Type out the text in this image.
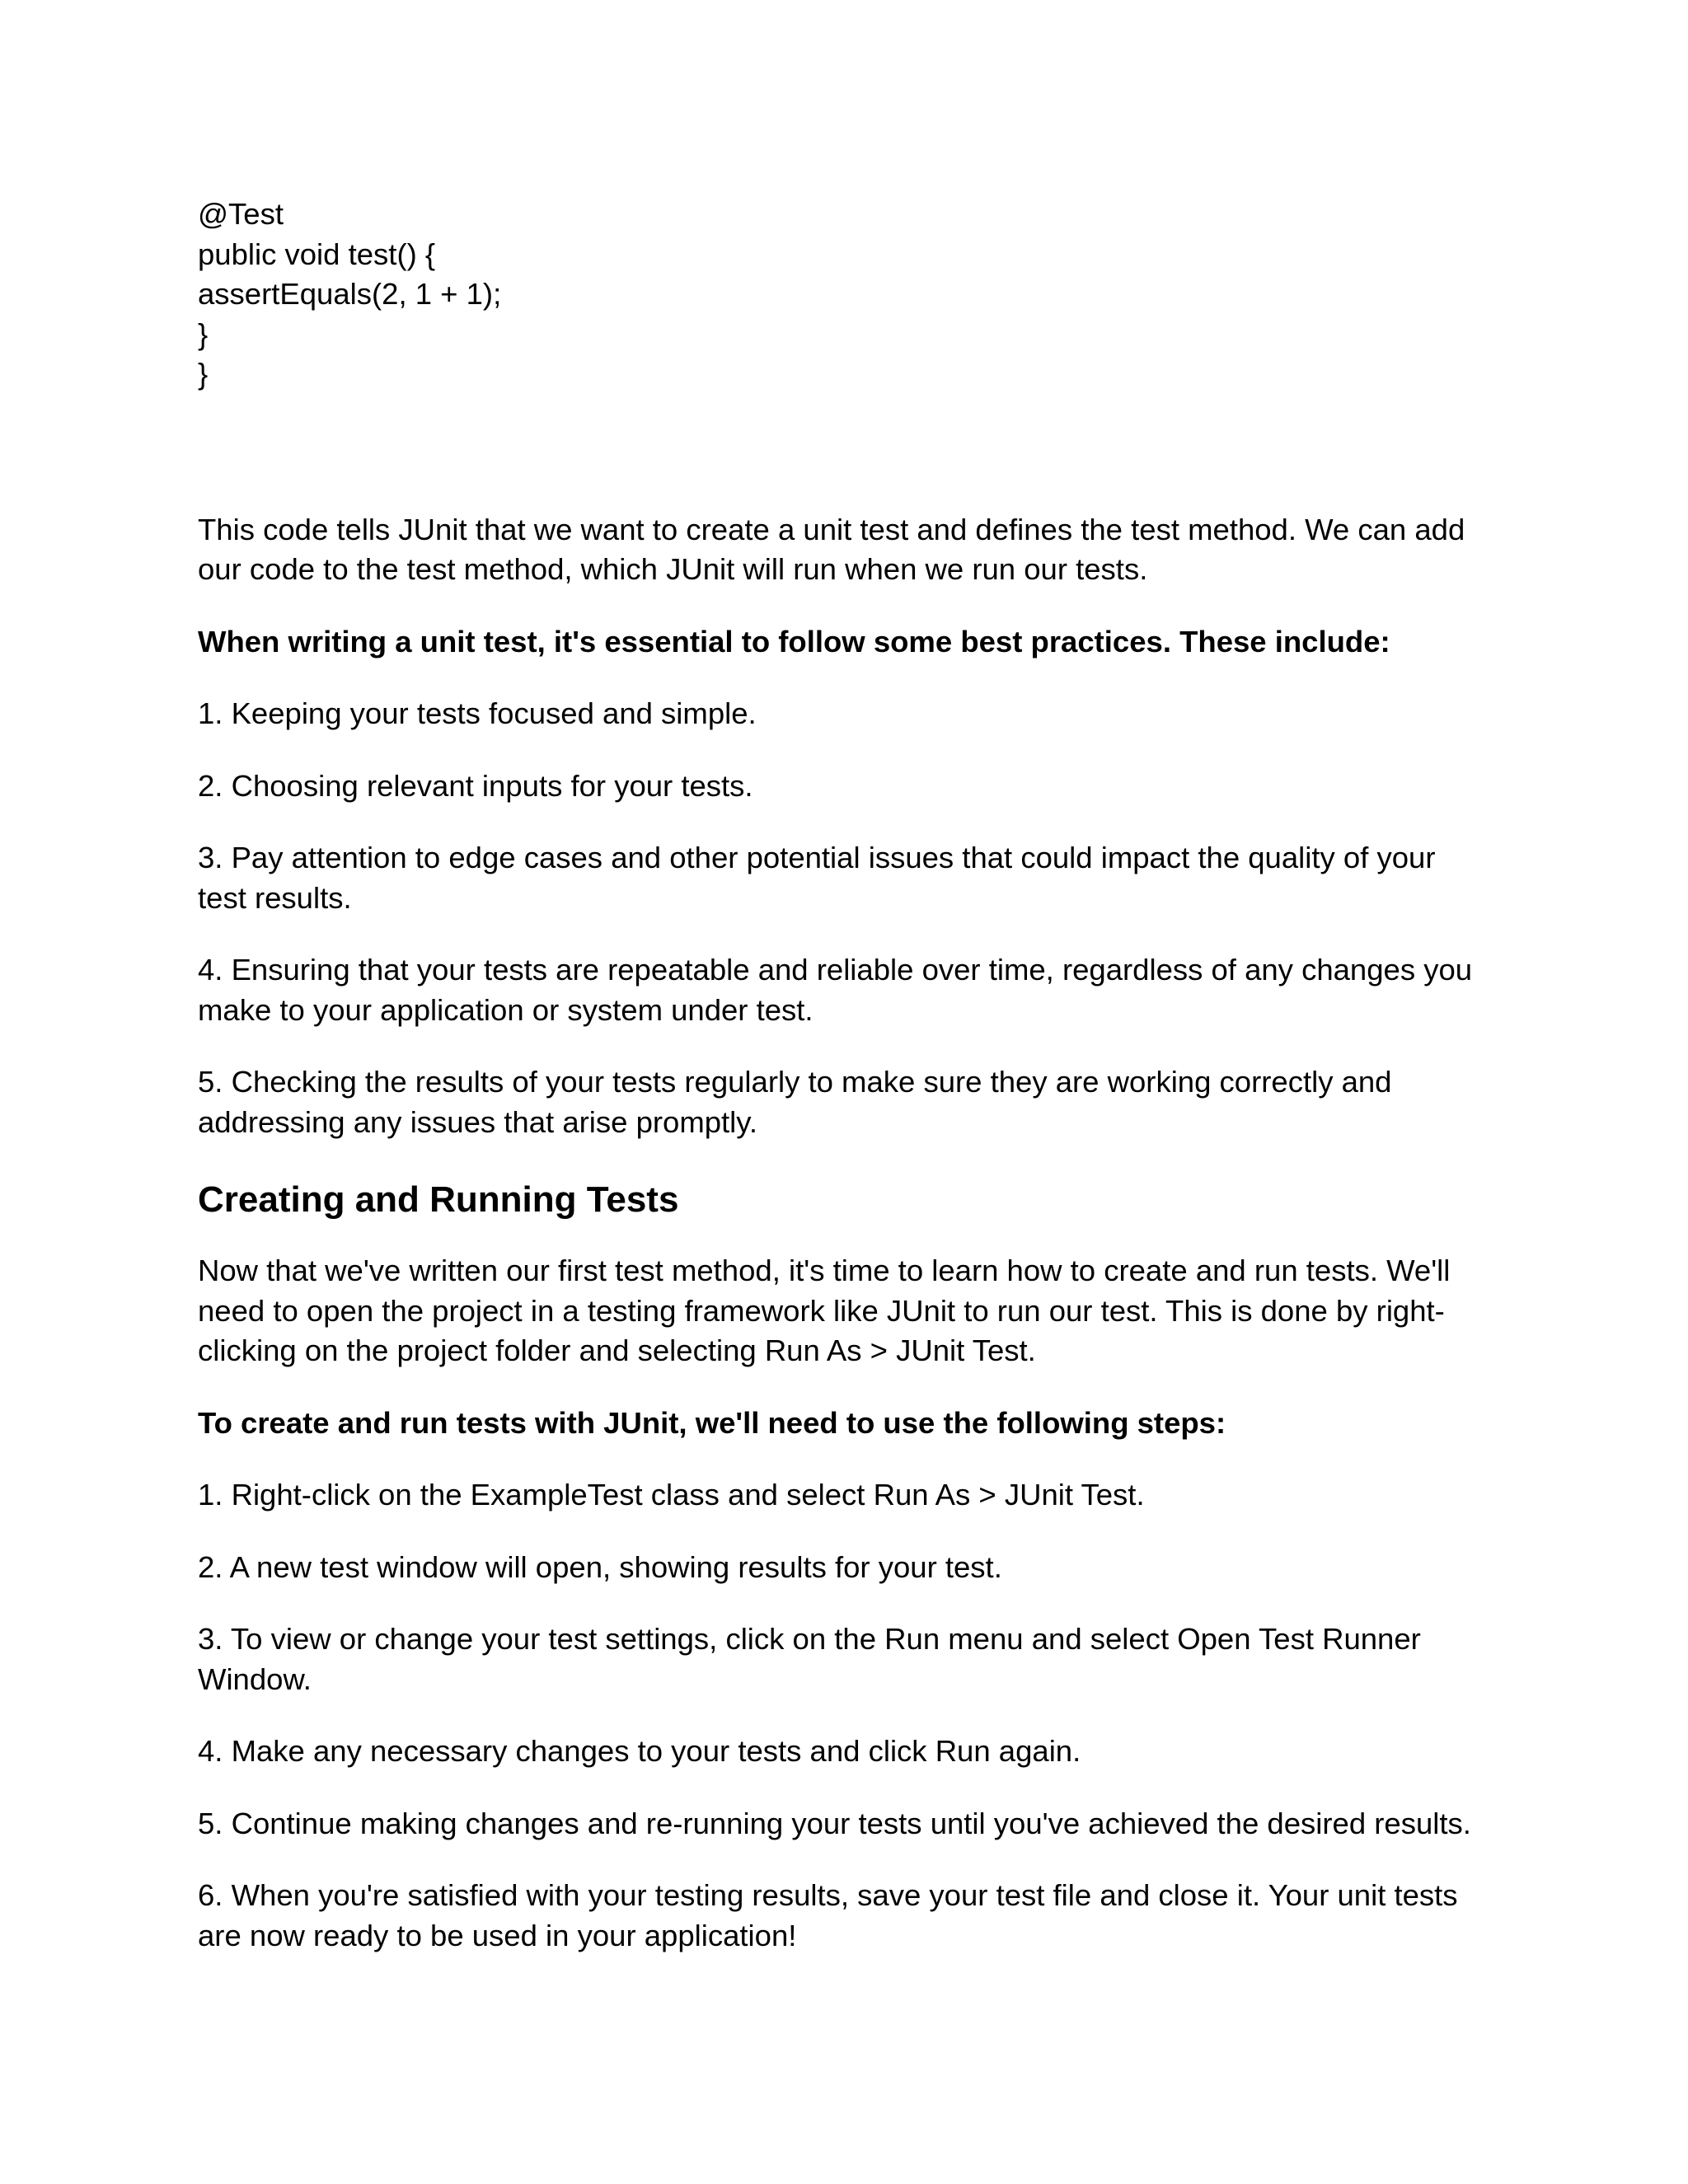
@Test
public void test() {
assertEquals(2, 1 + 1);
}
}

This code tells JUnit that we want to create a unit test and defines the test method. We can add our code to the test method, which JUnit will run when we run our tests.

When writing a unit test, it's essential to follow some best practices. These include:

1. Keeping your tests focused and simple.

2. Choosing relevant inputs for your tests.

3. Pay attention to edge cases and other potential issues that could impact the quality of your test results.

4. Ensuring that your tests are repeatable and reliable over time, regardless of any changes you make to your application or system under test.

5. Checking the results of your tests regularly to make sure they are working correctly and addressing any issues that arise promptly.

Creating and Running Tests

Now that we've written our first test method, it's time to learn how to create and run tests. We'll need to open the project in a testing framework like JUnit to run our test. This is done by right-clicking on the project folder and selecting Run As > JUnit Test.

To create and run tests with JUnit, we'll need to use the following steps:

1. Right-click on the ExampleTest class and select Run As > JUnit Test.

2. A new test window will open, showing results for your test.

3. To view or change your test settings, click on the Run menu and select Open Test Runner Window.

4. Make any necessary changes to your tests and click Run again.

5. Continue making changes and re-running your tests until you've achieved the desired results.

6. When you're satisfied with your testing results, save your test file and close it. Your unit tests are now ready to be used in your application!
